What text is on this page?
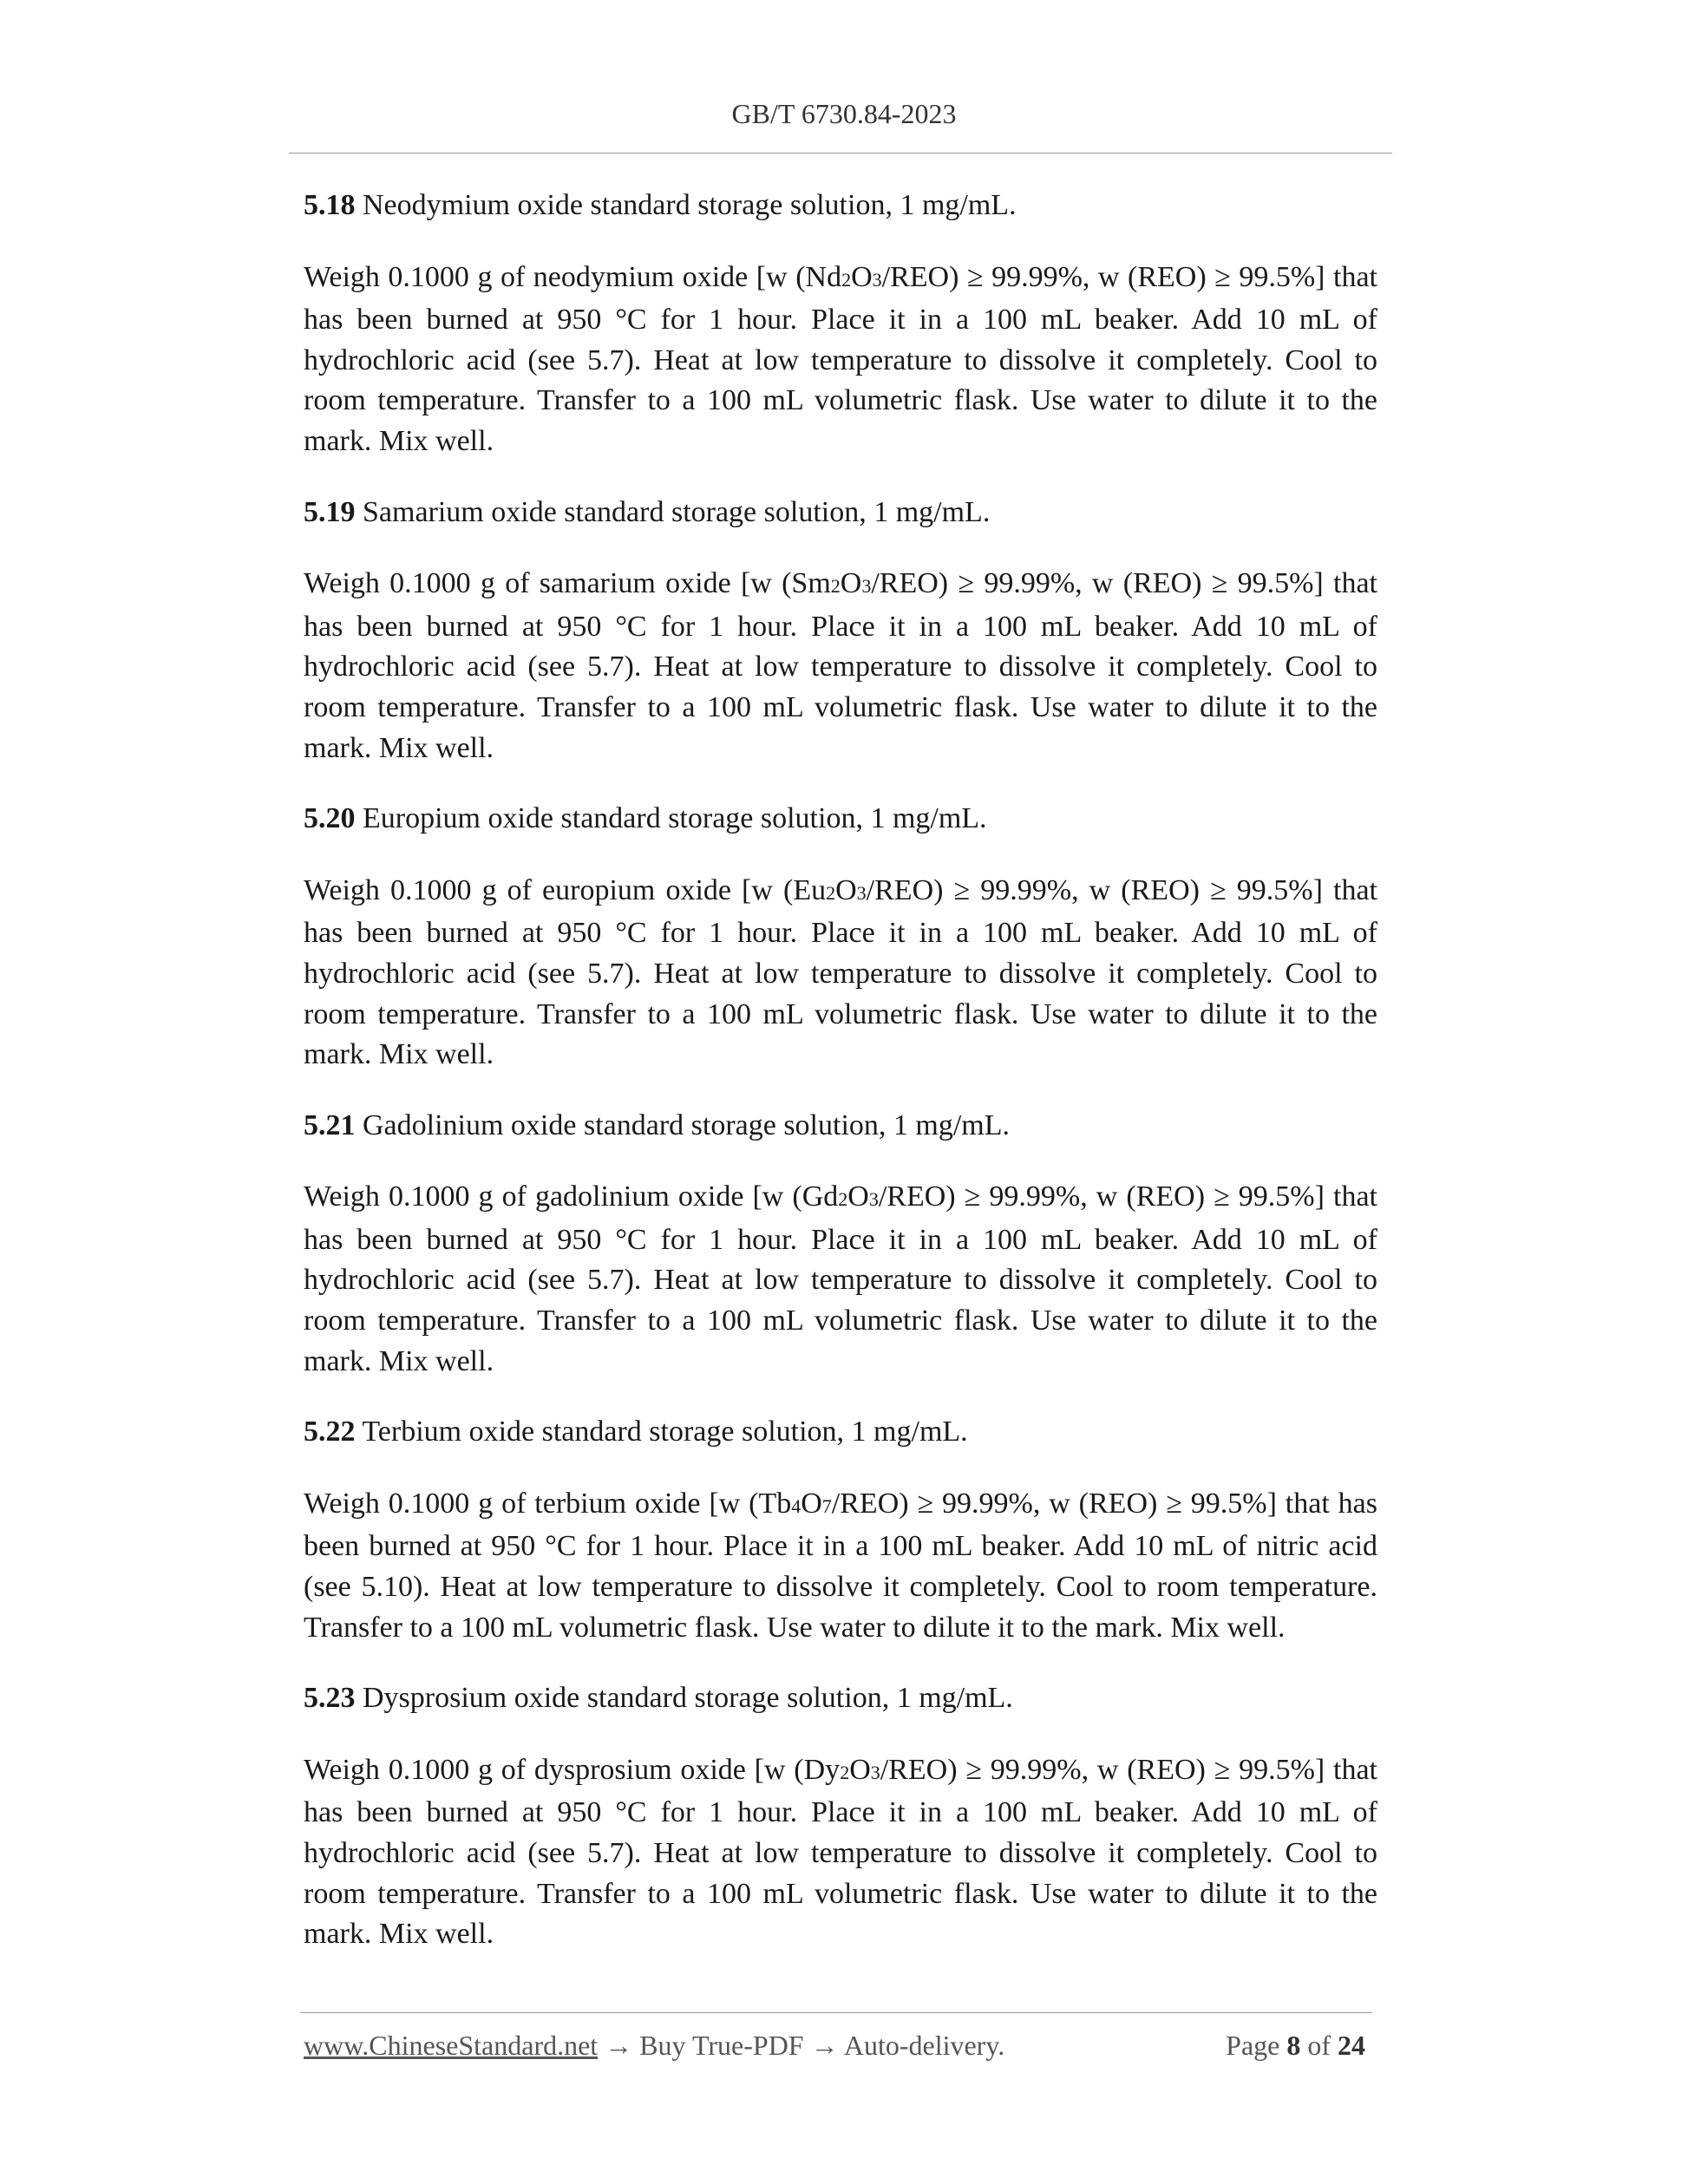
GB/T 6730.84-2023
5.18 Neodymium oxide standard storage solution, 1 mg/mL.
Weigh 0.1000 g of neodymium oxide [w (Nd2O3/REO) ≥ 99.99%, w (REO) ≥ 99.5%] that has been burned at 950 °C for 1 hour. Place it in a 100 mL beaker. Add 10 mL of hydrochloric acid (see 5.7). Heat at low temperature to dissolve it completely. Cool to room temperature. Transfer to a 100 mL volumetric flask. Use water to dilute it to the mark. Mix well.
5.19 Samarium oxide standard storage solution, 1 mg/mL.
Weigh 0.1000 g of samarium oxide [w (Sm2O3/REO) ≥ 99.99%, w (REO) ≥ 99.5%] that has been burned at 950 °C for 1 hour. Place it in a 100 mL beaker. Add 10 mL of hydrochloric acid (see 5.7). Heat at low temperature to dissolve it completely. Cool to room temperature. Transfer to a 100 mL volumetric flask. Use water to dilute it to the mark. Mix well.
5.20 Europium oxide standard storage solution, 1 mg/mL.
Weigh 0.1000 g of europium oxide [w (Eu2O3/REO) ≥ 99.99%, w (REO) ≥ 99.5%] that has been burned at 950 °C for 1 hour. Place it in a 100 mL beaker. Add 10 mL of hydrochloric acid (see 5.7). Heat at low temperature to dissolve it completely. Cool to room temperature. Transfer to a 100 mL volumetric flask. Use water to dilute it to the mark. Mix well.
5.21 Gadolinium oxide standard storage solution, 1 mg/mL.
Weigh 0.1000 g of gadolinium oxide [w (Gd2O3/REO) ≥ 99.99%, w (REO) ≥ 99.5%] that has been burned at 950 °C for 1 hour. Place it in a 100 mL beaker. Add 10 mL of hydrochloric acid (see 5.7). Heat at low temperature to dissolve it completely. Cool to room temperature. Transfer to a 100 mL volumetric flask. Use water to dilute it to the mark. Mix well.
5.22 Terbium oxide standard storage solution, 1 mg/mL.
Weigh 0.1000 g of terbium oxide [w (Tb4O7/REO) ≥ 99.99%, w (REO) ≥ 99.5%] that has been burned at 950 °C for 1 hour. Place it in a 100 mL beaker. Add 10 mL of nitric acid (see 5.10). Heat at low temperature to dissolve it completely. Cool to room temperature. Transfer to a 100 mL volumetric flask. Use water to dilute it to the mark. Mix well.
5.23 Dysprosium oxide standard storage solution, 1 mg/mL.
Weigh 0.1000 g of dysprosium oxide [w (Dy2O3/REO) ≥ 99.99%, w (REO) ≥ 99.5%] that has been burned at 950 °C for 1 hour. Place it in a 100 mL beaker. Add 10 mL of hydrochloric acid (see 5.7). Heat at low temperature to dissolve it completely. Cool to room temperature. Transfer to a 100 mL volumetric flask. Use water to dilute it to the mark. Mix well.
www.ChineseStandard.net → Buy True-PDF → Auto-delivery.	Page 8 of 24
